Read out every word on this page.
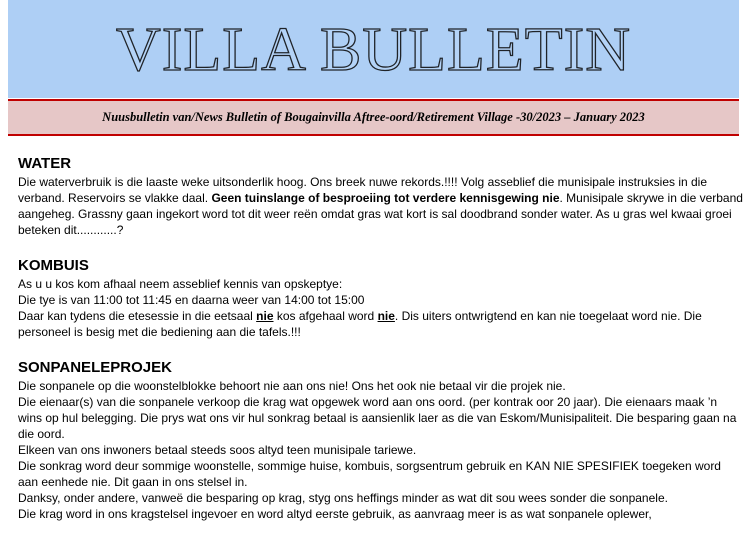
VILLA BULLETIN
Nuusbulletin van/News Bulletin of Bougainvilla Aftree-oord/Retirement Village -30/2023 – January 2023
WATER

Die waterverbruik is die laaste weke uitsonderlik hoog. Ons breek nuwe rekords.!!!! Volg asseblief die munisipale instruksies in die verband. Reservoirs se vlakke daal. Geen tuinslange of besproeiing tot verdere kennisgewing nie. Munisipale skrywe in die verband aangeheg. Grassny gaan ingekort word tot dit weer reën omdat gras wat kort is sal doodbrand sonder water. As u gras wel kwaai groei beteken dit............?

KOMBUIS

As u u kos kom afhaal neem asseblief kennis van opskeptye:

Die tye is van 11:00 tot 11:45 en daarna weer van 14:00 tot 15:00

Daar kan tydens die etesessie in die eetsaal nie kos afgehaal word nie. Dis uiters ontwrigtend en kan nie toegelaat word nie. Die personeel is besig met die bediening aan die tafels.!!!

SONPANELEPROJEK

Die sonpanele op die woonstelblokke behoort nie aan ons nie! Ons het ook nie betaal vir die projek nie.

Die eienaar(s) van die sonpanele verkoop die krag wat opgewek word aan ons oord. (per kontrak oor 20 jaar). Die eienaars maak ’n wins op hul belegging. Die prys wat ons vir hul sonkrag betaal is aansienlik laer as die van Eskom/Munisipaliteit. Die besparing gaan na die oord.

Elkeen van ons inwoners betaal steeds soos altyd teen munisipale tariewe.

Die sonkrag word deur sommige woonstelle, sommige huise, kombuis, sorgsentrum gebruik en KAN NIE SPESIFIEK toegeken word aan eenhede nie. Dit gaan in ons stelsel in.

Danksy, onder andere, vanweë die besparing op krag, styg ons heffings minder as wat dit sou wees sonder die sonpanele.

Die krag word in ons kragstelsel ingevoer en word altyd eerste gebruik, as aanvraag meer is as wat sonpanele oplewer,
